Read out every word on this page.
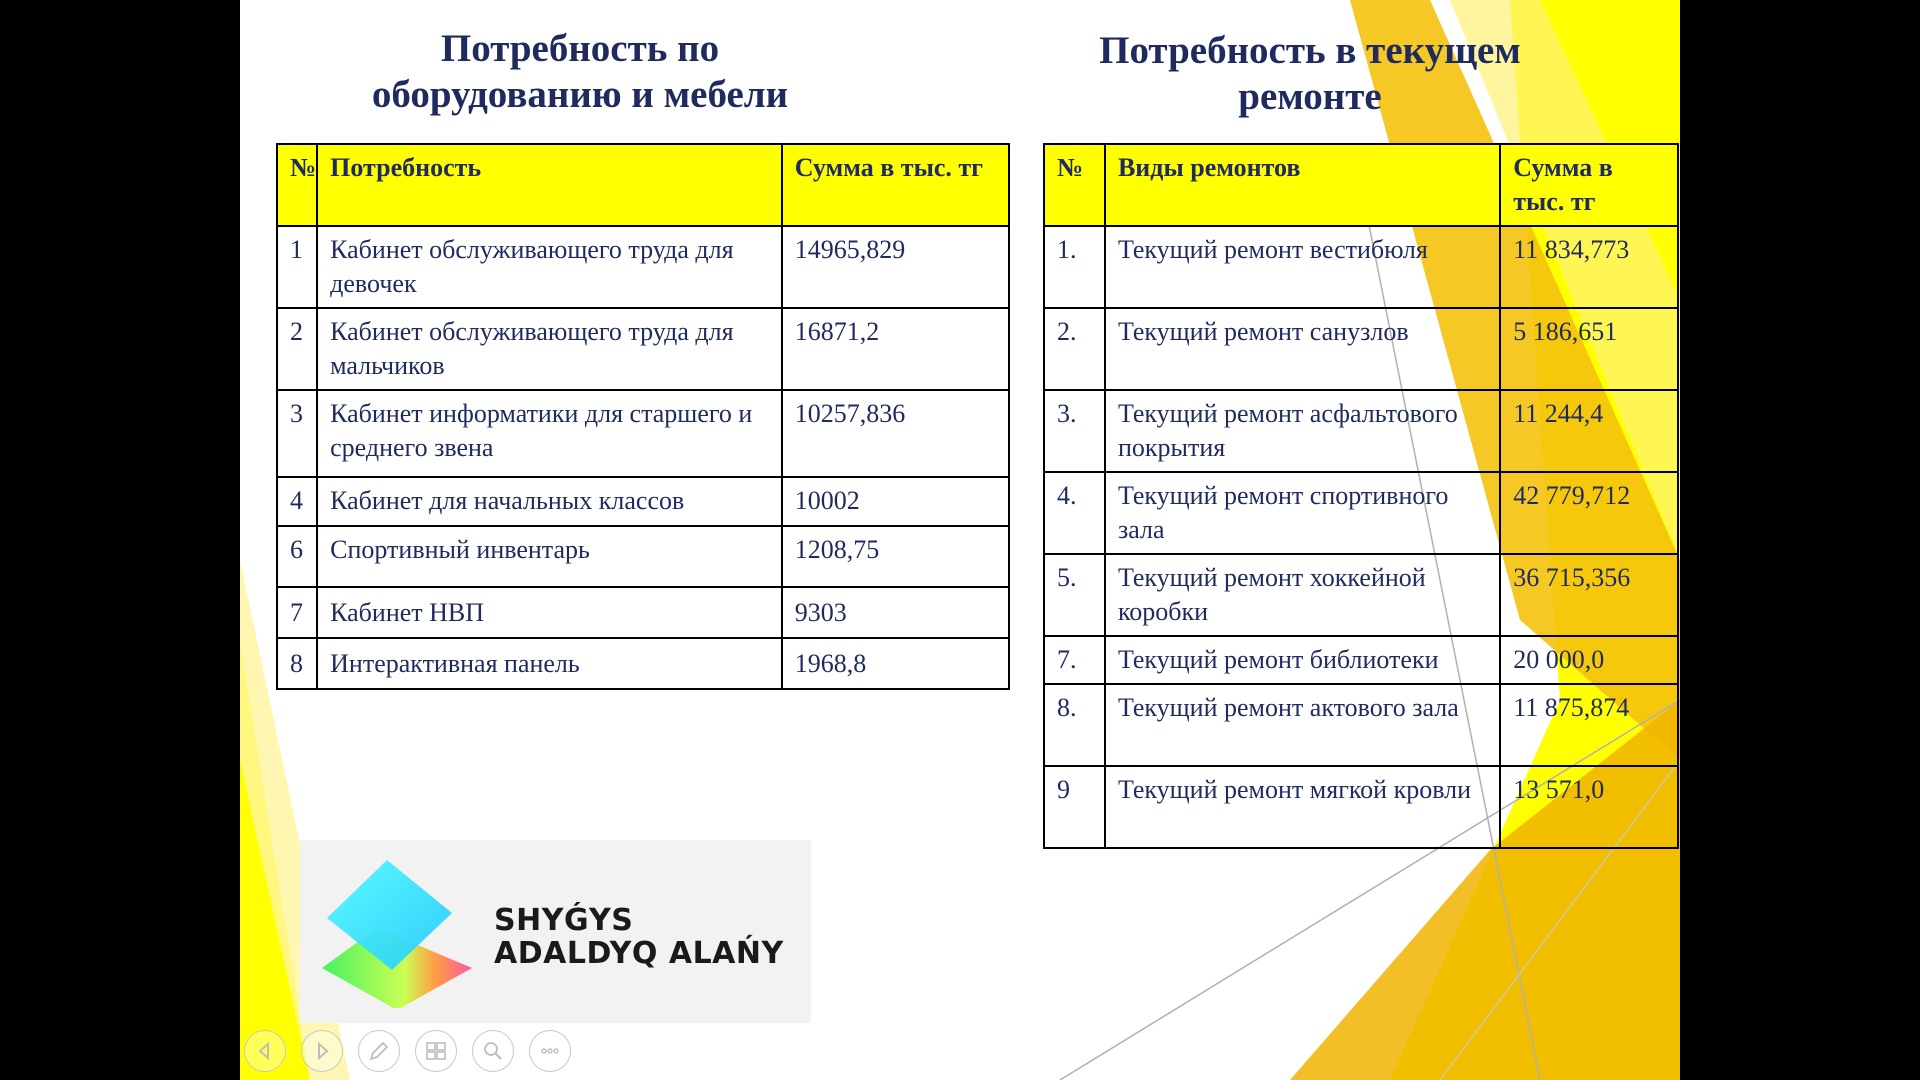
Потребность по
оборудованию и мебели
Потребность в текущем
ремонте
№	Потребность	Сумма в тыс. тг
1	Кабинет обслуживающего труда для девочек	14965,829
2	Кабинет обслуживающего труда для мальчиков	16871,2
3	Кабинет информатики для старшего и среднего звена	10257,836
4	Кабинет для начальных классов	10002
6	Спортивный инвентарь	1208,75
7	Кабинет НВП	9303
8	Интерактивная панель	1968,8
№	Виды ремонтов	Сумма в тыс. тг
1.	Текущий ремонт вестибюля	11 834,773
2.	Текущий ремонт санузлов	5 186,651
3.	Текущий ремонт асфальтового покрытия	11 244,4
4.	Текущий ремонт спортивного зала	42 779,712
5.	Текущий ремонт хоккейной коробки	36 715,356
7.	Текущий ремонт библиотеки	20 000,0
8.	Текущий ремонт актового зала	11 875,874
9	Текущий ремонт мягкой кровли	13 571,0
SHYǴYS
ADALDYQ ALAŃY
